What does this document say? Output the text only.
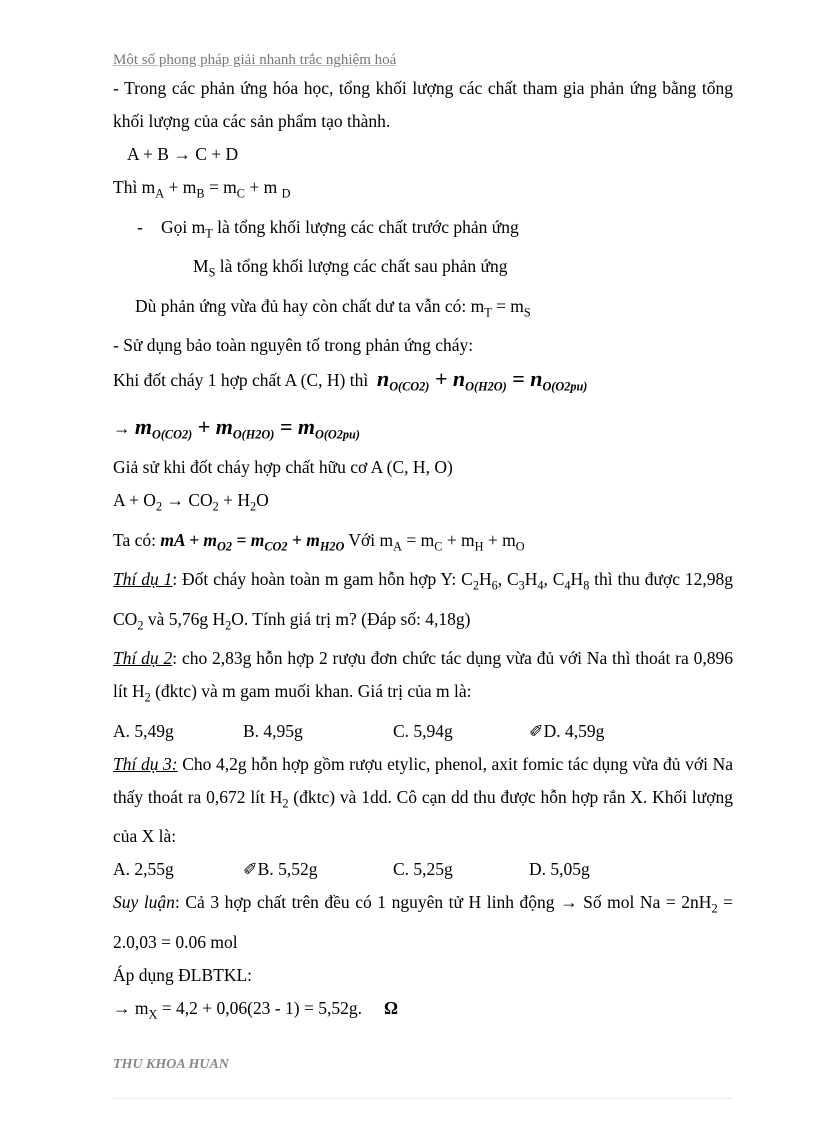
Một số phong pháp giải nhanh trắc nghiệm hoá

- Trong các phản ứng hóa học, tổng khối lượng các chất tham gia phản ứng bằng tổng khối lượng của các sản phẩm tạo thành.

A + B → C + D

Thì $m_A + m_B = m_C + m$ $_D$

- Gọi $m_T$ là tổng khối lượng các chất trước phản ứng

$M_S$ là tổng khối lượng các chất sau phản ứng

Dù phản ứng vừa đủ hay còn chất dư ta vẫn có: $m_T = m_S$

- Sử dụng bảo toàn nguyên tố trong phản ứng cháy:

Khi đốt cháy 1 hợp chất A (C, H) thì $n_{O(CO2)} + n_{O(H2O)} = n_{O(O2pu)}$

→ $m_{O(CO2)} + m_{O(H2O)} = m_{O(O2pu)}$

Giả sử khi đốt cháy hợp chất hữu cơ A (C, H, O)

$A + O_2 \to CO_2 + H_2O$

Ta có: mA + $m_{O2} = m_{CO2} + m_{H2O}$ Với $m_A = m_C + m_H + m_O$

Thí dụ 1: Đốt cháy hoàn toàn m gam hỗn hợp Y: $C_2H_6$, $C_3H_4$, $C_4H_8$ thì thu được 12,98g $CO_2$ và 5,76g $H_2O$. Tính giá trị m? (Đáp số: 4,18g)

Thí dụ 2: cho 2,83g hỗn hợp 2 rượu đơn chức tác dụng vừa đủ với Na thì thoát ra 0,896 lít $H_2$ (đktc) và m gam muối khan. Giá trị của m là:

A. 5,49g	B. 4,95g	C. 5,94g	✐D. 4,59g

Thí dụ 3: Cho 4,2g hỗn hợp gồm rượu etylic, phenol, axit fomic tác dụng vừa đủ với Na thấy thoát ra 0,672 lít $H_2$ (đktc) và 1dd. Cô cạn dd thu được hỗn hợp rắn X. Khối lượng của X là:

A. 2,55g	✐B. 5,52g	C. 5,25g	D. 5,05g

Suy luận: Cả 3 hợp chất trên đều có 1 nguyên tử H linh động → Số mol $Na = 2nH_2 = 2.0,03 = 0.06$ mol

Áp dụng ĐLBTKL:

→ $m_X = 4,2 + 0,06(23 - 1) = 5,52g$. Ω

THU KHOA HUAN
